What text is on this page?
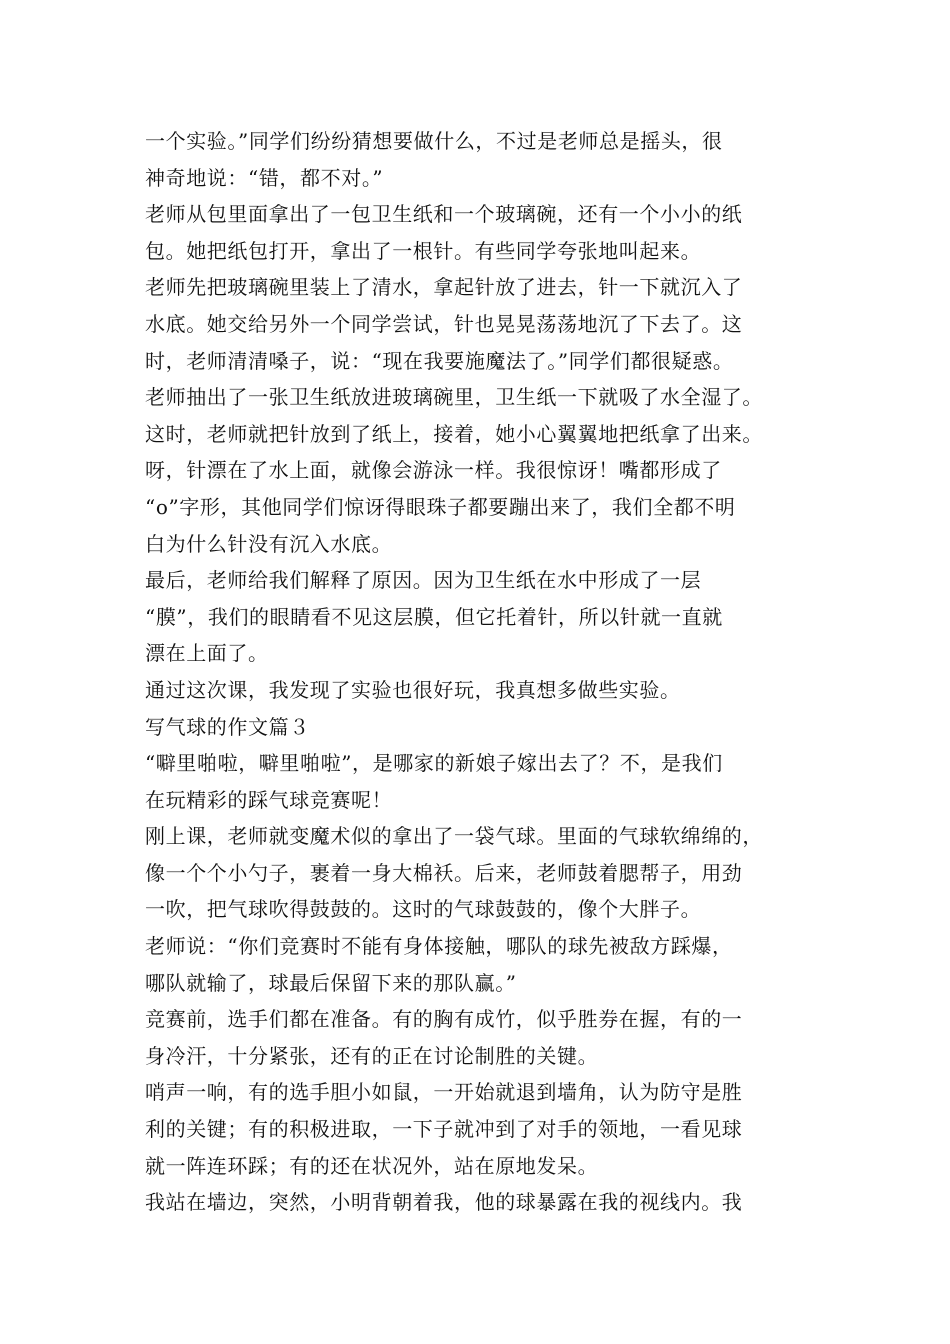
一个实验。”同学们纷纷猜想要做什么，不过是老师总是摇头，很
神奇地说：“错，都不对。”
老师从包里面拿出了一包卫生纸和一个玻璃碗，还有一个小小的纸
包。她把纸包打开，拿出了一根针。有些同学夸张地叫起来。
老师先把玻璃碗里装上了清水，拿起针放了进去，针一下就沉入了
水底。她交给另外一个同学尝试，针也晃晃荡荡地沉了下去了。这
时，老师清清嗓子，说：“现在我要施魔法了。”同学们都很疑惑。
老师抽出了一张卫生纸放进玻璃碗里，卫生纸一下就吸了水全湿了。
这时，老师就把针放到了纸上，接着，她小心翼翼地把纸拿了出来。
呀，针漂在了水上面，就像会游泳一样。我很惊讶！嘴都形成了
“o”字形，其他同学们惊讶得眼珠子都要蹦出来了，我们全都不明
白为什么针没有沉入水底。
最后，老师给我们解释了原因。因为卫生纸在水中形成了一层
“膜”，我们的眼睛看不见这层膜，但它托着针，所以针就一直就
漂在上面了。
通过这次课，我发现了实验也很好玩，我真想多做些实验。
写气球的作文篇３
“噼里啪啦，噼里啪啦”，是哪家的新娘子嫁出去了？不，是我们
在玩精彩的踩气球竞赛呢！
刚上课，老师就变魔术似的拿出了一袋气球。里面的气球软绵绵的，
像一个个小勺子，裹着一身大棉袄。后来，老师鼓着腮帮子，用劲
一吹，把气球吹得鼓鼓的。这时的气球鼓鼓的，像个大胖子。
老师说：“你们竞赛时不能有身体接触，哪队的球先被敌方踩爆，
哪队就输了，球最后保留下来的那队赢。”
竞赛前，选手们都在准备。有的胸有成竹，似乎胜券在握，有的一
身冷汗，十分紧张，还有的正在讨论制胜的关键。
哨声一响，有的选手胆小如鼠，一开始就退到墙角，认为防守是胜
利的关键；有的积极进取，一下子就冲到了对手的领地，一看见球
就一阵连环踩；有的还在状况外，站在原地发呆。
我站在墙边，突然，小明背朝着我，他的球暴露在我的视线内。我
